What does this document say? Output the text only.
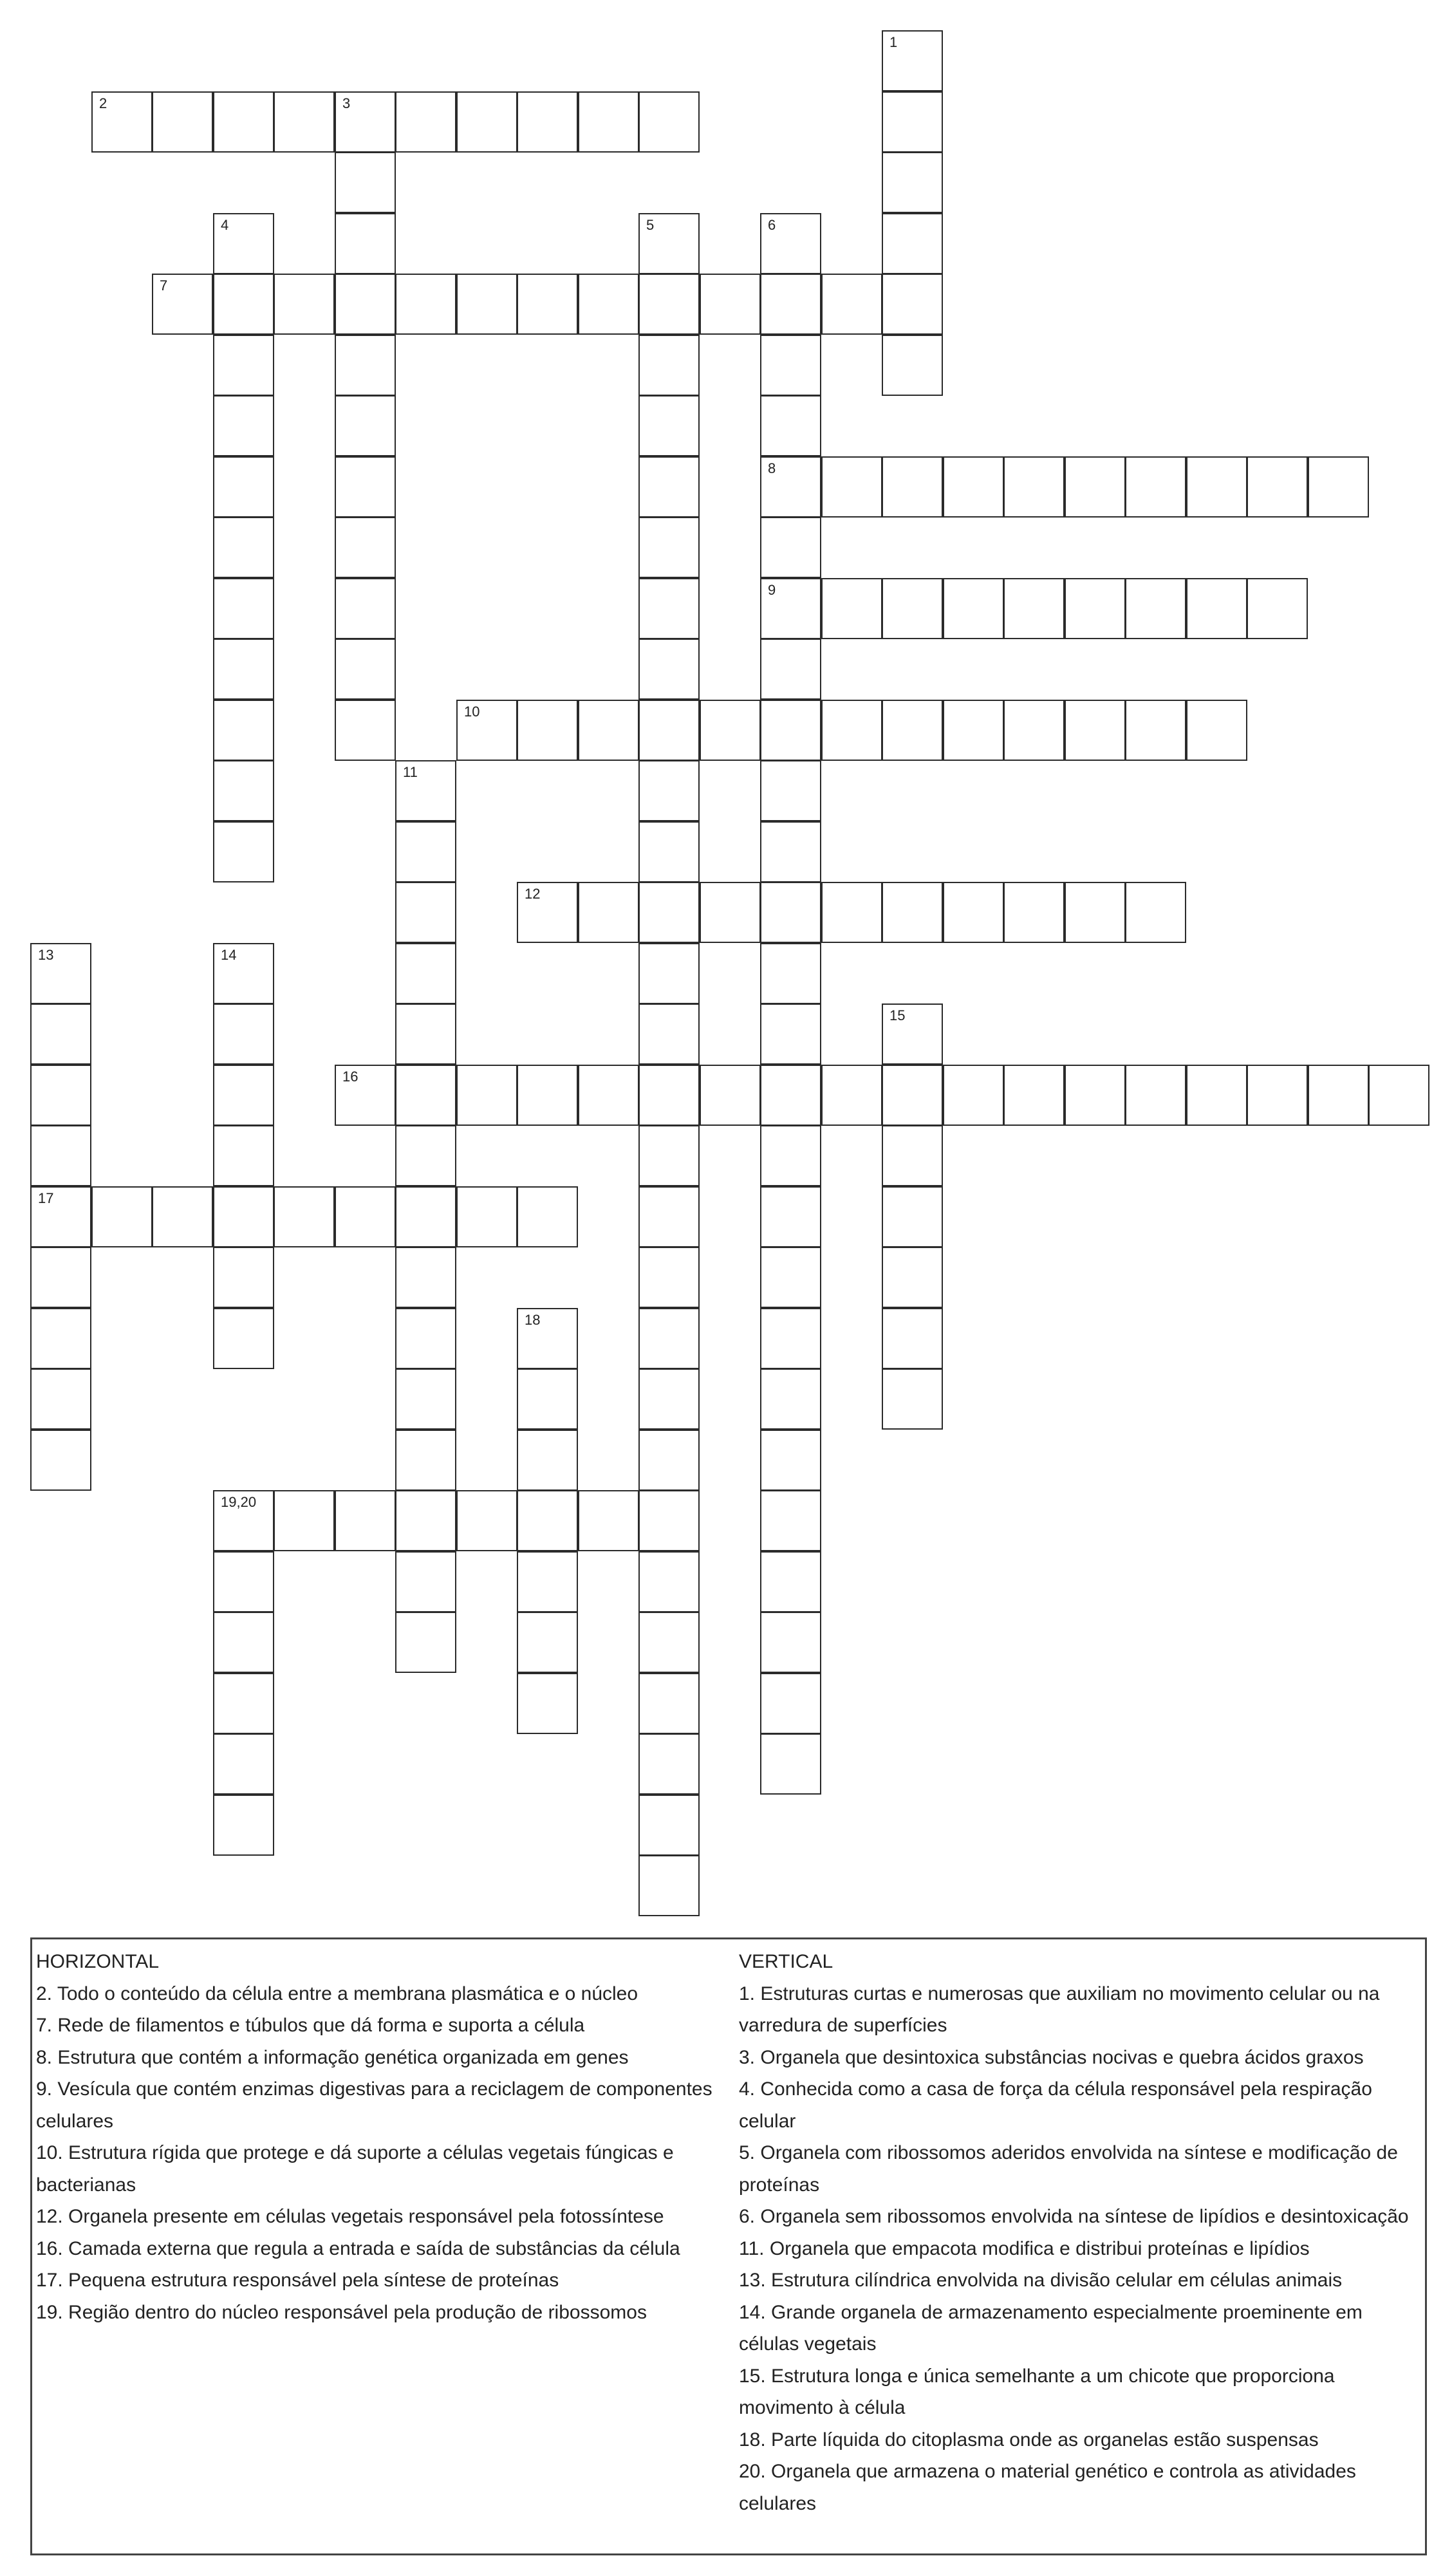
2	3
7
8
9
10
12
16
17
19,20
1
4	5	6
11
13	14
15
18
HORIZONTAL
2. Todo o conteúdo da célula entre a membrana plasmática e o núcleo
7. Rede de filamentos e túbulos que dá forma e suporta a célula
8. Estrutura que contém a informação genética organizada em genes
9. Vesícula que contém enzimas digestivas para a reciclagem de componentes celulares
10. Estrutura rígida que protege e dá suporte a células vegetais fúngicas e bacterianas
12. Organela presente em células vegetais responsável pela fotossíntese
16. Camada externa que regula a entrada e saída de substâncias da célula
17. Pequena estrutura responsável pela síntese de proteínas
19. Região dentro do núcleo responsável pela produção de ribossomos
VERTICAL
1. Estruturas curtas e numerosas que auxiliam no movimento celular ou na varredura de superfícies
3. Organela que desintoxica substâncias nocivas e quebra ácidos graxos
4. Conhecida como a casa de força da célula responsável pela respiração celular
5. Organela com ribossomos aderidos envolvida na síntese e modificação de proteínas
6. Organela sem ribossomos envolvida na síntese de lipídios e desintoxicação
11. Organela que empacota modifica e distribui proteínas e lipídios
13. Estrutura cilíndrica envolvida na divisão celular em células animais
14. Grande organela de armazenamento especialmente proeminente em células vegetais
15. Estrutura longa e única semelhante a um chicote que proporciona movimento à célula
18. Parte líquida do citoplasma onde as organelas estão suspensas
20. Organela que armazena o material genético e controla as atividades celulares
